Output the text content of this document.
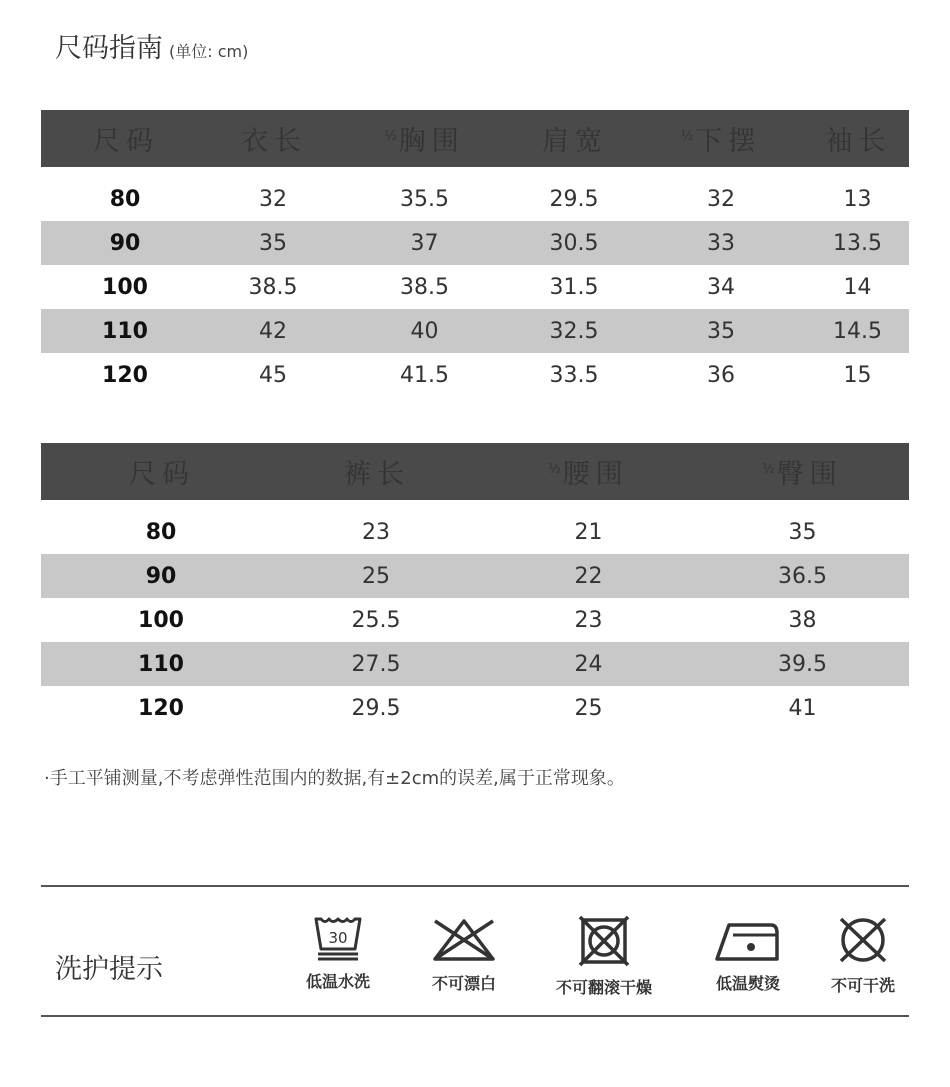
尺码指南 (单位: cm)
尺码	衣长	$^{\frac{1}{2}}$胸围	肩宽	$^{\frac{1}{2}}$下摆	袖长
80	32	35.5	29.5	32	13
90	35	37	30.5	33	13.5
100	38.5	38.5	31.5	34	14
110	42	40	32.5	35	14.5
120	45	41.5	33.5	36	15
尺码	裤长	$^{\frac{1}{2}}$腰围	$^{\frac{1}{2}}$臀围
80	23	21	35
90	25	22	36.5
100	25.5	23	38
110	27.5	24	39.5
120	29.5	25	41
·手工平铺测量,不考虑弹性范围内的数据,有±2cm的误差,属于正常现象。
洗护提示
30
低温水洗	不可漂白	不可翻滚干燥	低温熨烫	不可干洗
